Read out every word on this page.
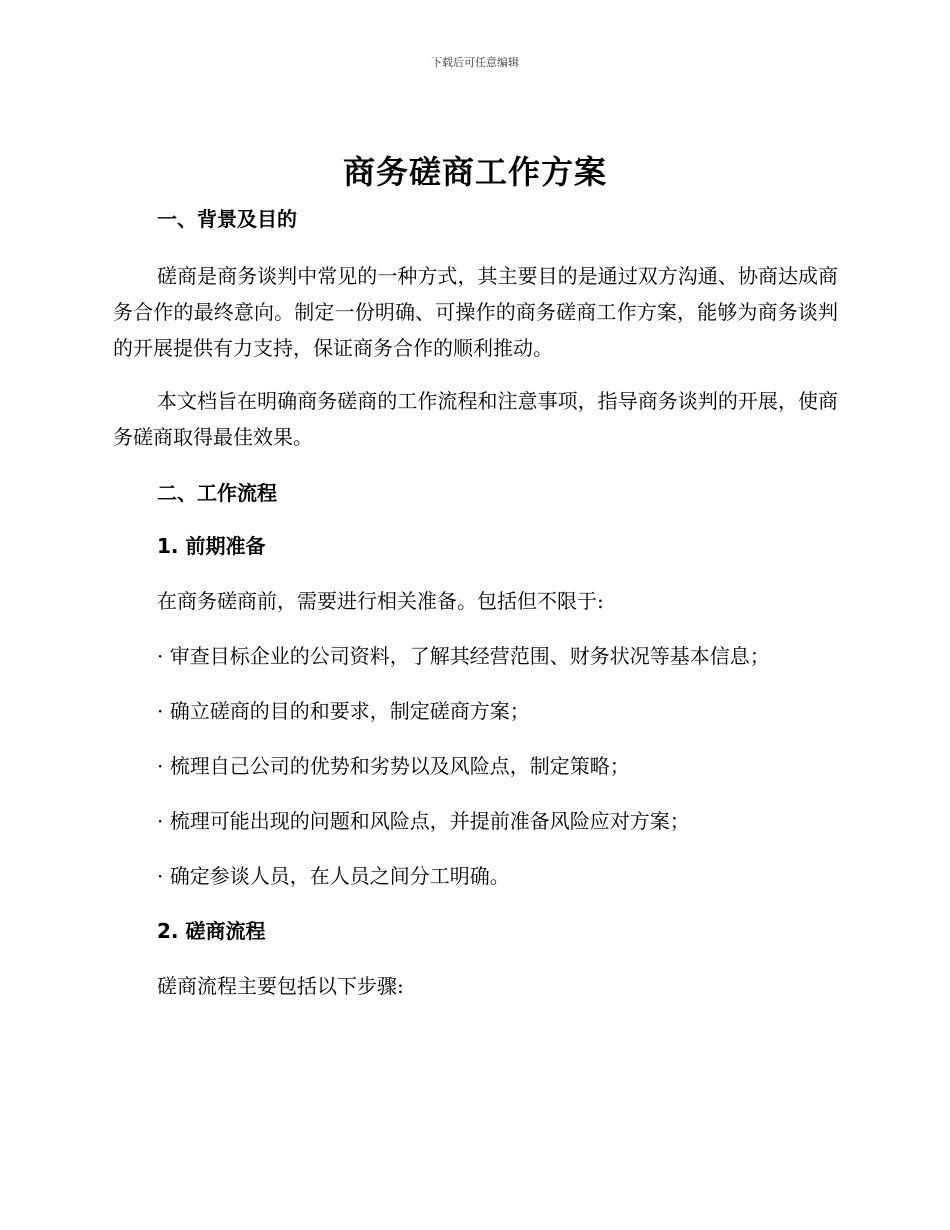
下载后可任意编辑
商务磋商工作方案
一、背景及目的

磋商是商务谈判中常见的一种方式，其主要目的是通过双方沟通、协商达成商务合作的最终意向。制定一份明确、可操作的商务磋商工作方案，能够为商务谈判的开展提供有力支持，保证商务合作的顺利推动。

本文档旨在明确商务磋商的工作流程和注意事项，指导商务谈判的开展，使商务磋商取得最佳效果。

二、工作流程
1. 前期准备
在商务磋商前，需要进行相关准备。包括但不限于:
· 审查目标企业的公司资料，了解其经营范围、财务状况等基本信息；
· 确立磋商的目的和要求，制定磋商方案；
· 梳理自己公司的优势和劣势以及风险点，制定策略；
· 梳理可能出现的问题和风险点，并提前准备风险应对方案；
· 确定参谈人员，在人员之间分工明确。
2. 磋商流程
磋商流程主要包括以下步骤:
